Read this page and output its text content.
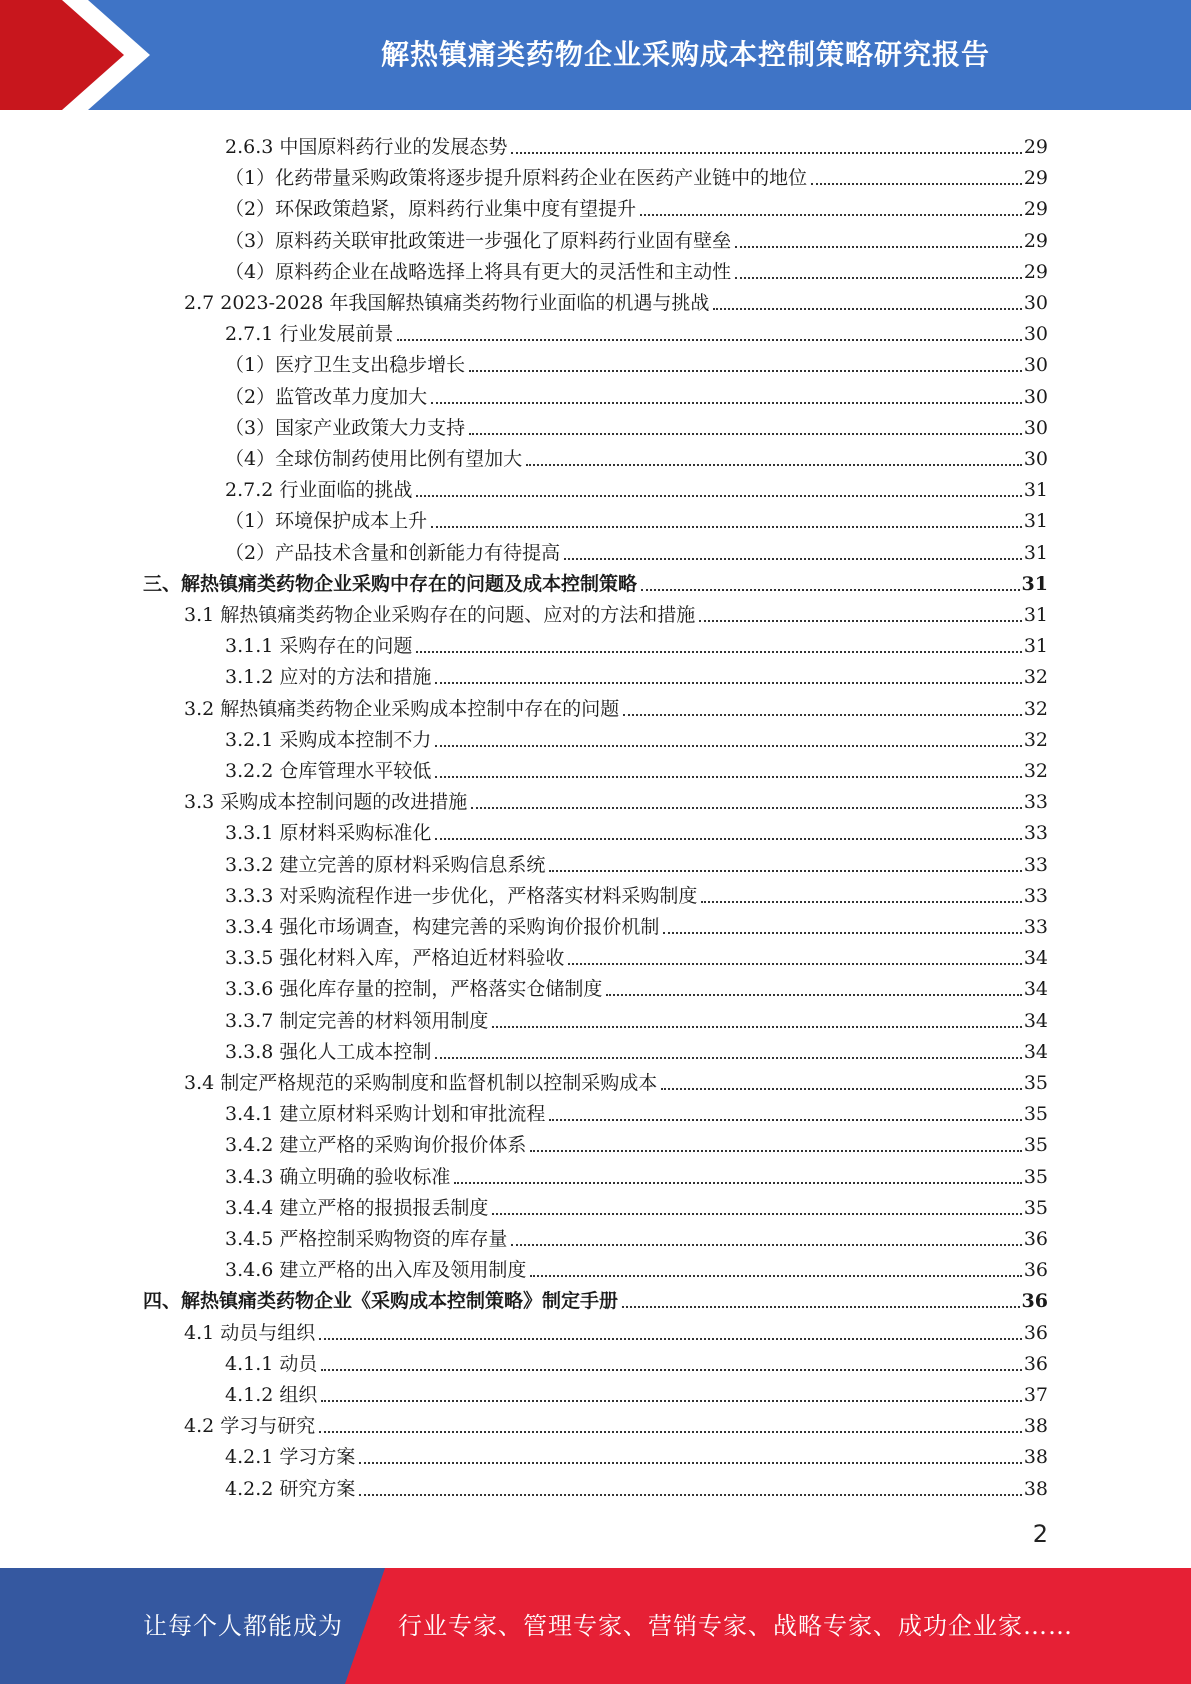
解热镇痛类药物企业采购成本控制策略研究报告
2.6.3 中国原料药行业的发展态势	29
（1）化药带量采购政策将逐步提升原料药企业在医药产业链中的地位	29
（2）环保政策趋紧，原料药行业集中度有望提升	29
（3）原料药关联审批政策进一步强化了原料药行业固有壁垒	29
（4）原料药企业在战略选择上将具有更大的灵活性和主动性	29
2.7 2023-2028 年我国解热镇痛类药物行业面临的机遇与挑战	30
2.7.1 行业发展前景	30
（1）医疗卫生支出稳步增长	30
（2）监管改革力度加大	30
（3）国家产业政策大力支持	30
（4）全球仿制药使用比例有望加大	30
2.7.2 行业面临的挑战	31
（1）环境保护成本上升	31
（2）产品技术含量和创新能力有待提高	31
三、解热镇痛类药物企业采购中存在的问题及成本控制策略	31
3.1 解热镇痛类药物企业采购存在的问题、应对的方法和措施	31
3.1.1 采购存在的问题	31
3.1.2 应对的方法和措施	32
3.2 解热镇痛类药物企业采购成本控制中存在的问题	32
3.2.1 采购成本控制不力	32
3.2.2 仓库管理水平较低	32
3.3 采购成本控制问题的改进措施	33
3.3.1 原材料采购标准化	33
3.3.2 建立完善的原材料采购信息系统	33
3.3.3 对采购流程作进一步优化，严格落实材料采购制度	33
3.3.4 强化市场调查，构建完善的采购询价报价机制	33
3.3.5 强化材料入库，严格迫近材料验收	34
3.3.6 强化库存量的控制，严格落实仓储制度	34
3.3.7 制定完善的材料领用制度	34
3.3.8 强化人工成本控制	34
3.4 制定严格规范的采购制度和监督机制以控制采购成本	35
3.4.1 建立原材料采购计划和审批流程	35
3.4.2 建立严格的采购询价报价体系	35
3.4.3 确立明确的验收标准	35
3.4.4 建立严格的报损报丢制度	35
3.4.5 严格控制采购物资的库存量	36
3.4.6 建立严格的出入库及领用制度	36
四、解热镇痛类药物企业《采购成本控制策略》制定手册	36
4.1 动员与组织	36
4.1.1 动员	36
4.1.2 组织	37
4.2 学习与研究	38
4.2.1 学习方案	38
4.2.2 研究方案	38
2
让每个人都能成为 行业专家、管理专家、营销专家、战略专家、成功企业家……
